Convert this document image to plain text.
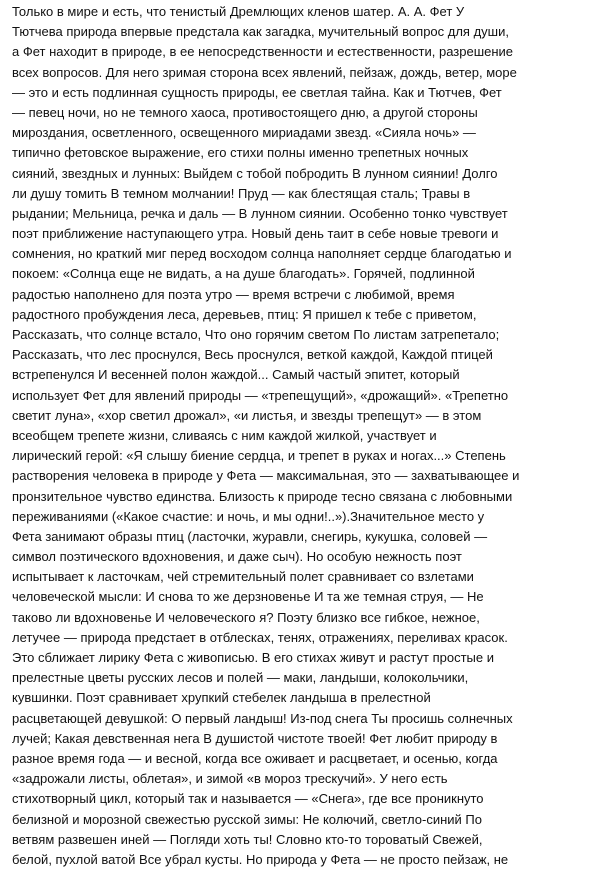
Только в мире и есть, что тенистый Дремлющих кленов шатер. А. А. Фет У
Тютчева природа впервые предстала как загадка, мучительный вопрос для души,
а Фет находит в природе, в ее непосредственности и естественности, разрешение
всех вопросов. Для него зримая сторона всех явлений, пейзаж, дождь, ветер, море
— это и есть подлинная сущность природы, ее светлая тайна. Как и Тютчев, Фет
— певец ночи, но не темного хаоса, противостоящего дню, а другой стороны
мироздания, осветленного, освещенного мириадами звезд. «Сияла ночь» —
типично фетовское выражение, его стихи полны именно трепетных ночных
сияний, звездных и лунных: Выйдем с тобой побродить В лунном сиянии! Долго
ли душу томить В темном молчании! Пруд — как блестящая сталь; Травы в
рыдании; Мельница, речка и даль — В лунном сиянии. Особенно тонко чувствует
поэт приближение наступающего утра. Новый день таит в себе новые тревоги и
сомнения, но краткий миг перед восходом солнца наполняет сердце благодатью и
покоем: «Солнца еще не видать, а на душе благодать». Горячей, подлинной
радостью наполнено для поэта утро — время встречи с любимой, время
радостного пробуждения леса, деревьев, птиц: Я пришел к тебе с приветом,
Рассказать, что солнце встало, Что оно горячим светом По листам затрепетало;
Рассказать, что лес проснулся, Весь проснулся, веткой каждой, Каждой птицей
встрепенулся И весенней полон жаждой... Самый частый эпитет, который
использует Фет для явлений природы — «трепещущий», «дрожащий». «Трепетно
светит луна», «хор светил дрожал», «и листья, и звезды трепещут» — в этом
всеобщем трепете жизни, сливаясь с ним каждой жилкой, участвует и
лирический герой: «Я слышу биение сердца, и трепет в руках и ногах...» Степень
растворения человека в природе у Фета — максимальная, это — захватывающее и
пронзительное чувство единства. Близость к природе тесно связана с любовными
переживаниями («Какое счастие: и ночь, и мы одни!..»).Значительное место у
Фета занимают образы птиц (ласточки, журавли, снегирь, кукушка, соловей —
символ поэтического вдохновения, и даже сыч). Но особую нежность поэт
испытывает к ласточкам, чей стремительный полет сравнивает со взлетами
человеческой мысли: И снова то же дерзновенье И та же темная струя, — Не
таково ли вдохновенье И человеческого я? Поэту близко все гибкое, нежное,
летучее — природа предстает в отблесках, тенях, отражениях, переливах красок.
Это сближает лирику Фета с живописью. В его стихах живут и растут простые и
прелестные цветы русских лесов и полей — маки, ландыши, колокольчики,
кувшинки. Поэт сравнивает хрупкий стебелек ландыша в прелестной
расцветающей девушкой: О первый ландыш! Из-под снега Ты просишь солнечных
лучей; Какая девственная нега В душистой чистоте твоей! Фет любит природу в
разное время года — и весной, когда все оживает и расцветает, и осенью, когда
«задрожали листы, облетая», и зимой «в мороз трескучий». У него есть
стихотворный цикл, который так и называется — «Снега», где все проникнуто
белизной и морозной свежестью русской зимы: Не колючий, светло-синий По
ветвям развешен иней — Погляди хоть ты! Словно кто-то тороватый Свежей,
белой, пухлой ватой Все убрал кусты. Но природа у Фета — не просто пейзаж, не
